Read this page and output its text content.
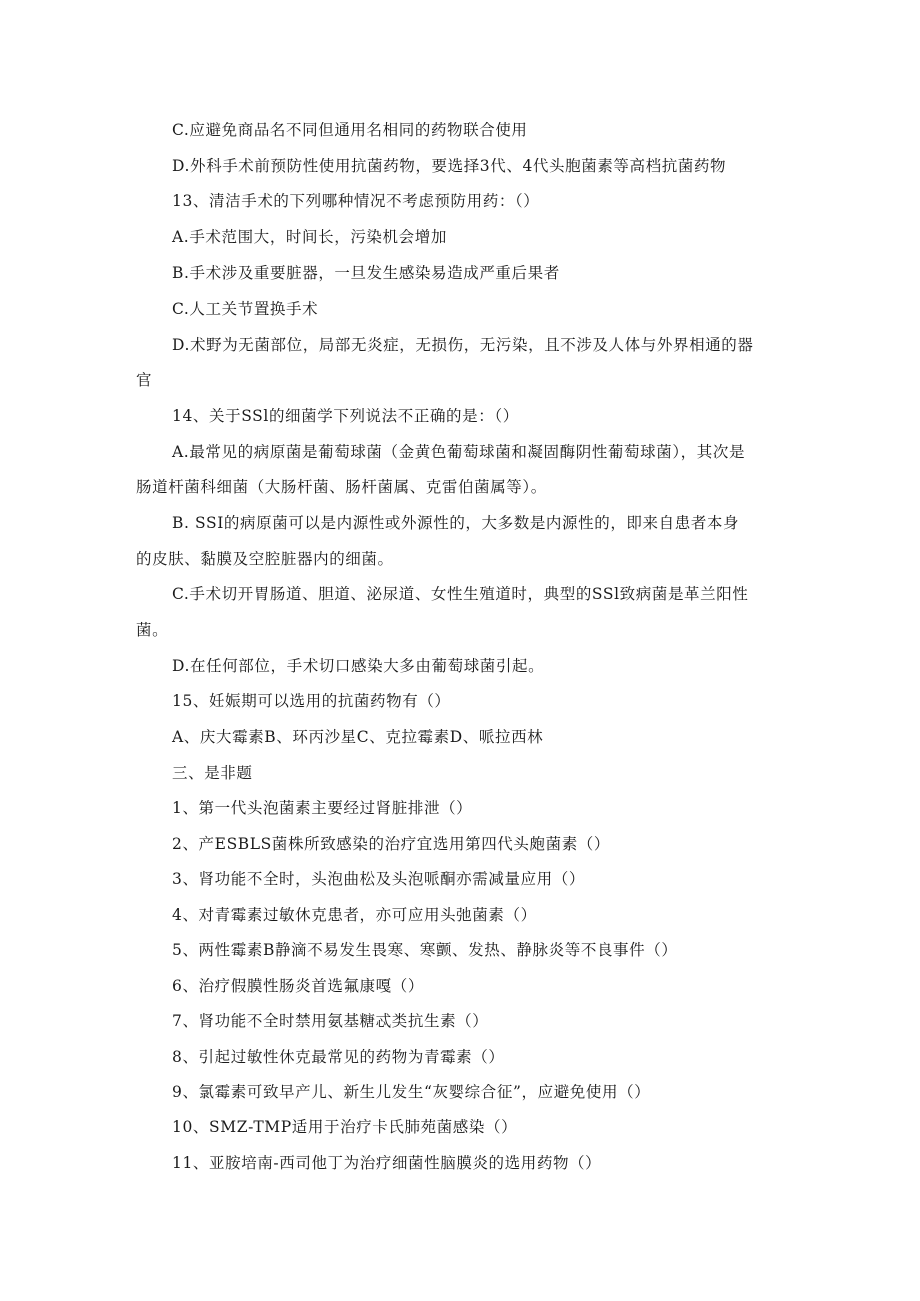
C.应避免商品名不同但通用名相同的药物联合使用
D.外科手术前预防性使用抗菌药物，要选择3代、4代头胞菌素等高档抗菌药物
13、清洁手术的下列哪种情况不考虑预防用药：（）
A.手术范围大，时间长，污染机会增加
B.手术涉及重要脏器，一旦发生感染易造成严重后果者
C.人工关节置换手术
D.术野为无菌部位，局部无炎症，无损伤，无污染，且不涉及人体与外界相通的器
官
14、关于SSl的细菌学下列说法不正确的是：（）
A.最常见的病原菌是葡萄球菌（金黄色葡萄球菌和凝固酶阴性葡萄球菌），其次是
肠道杆菌科细菌（大肠杆菌、肠杆菌属、克雷伯菌属等）。
B. SSI的病原菌可以是内源性或外源性的，大多数是内源性的，即来自患者本身
的皮肤、黏膜及空腔脏器内的细菌。
C.手术切开胃肠道、胆道、泌尿道、女性生殖道时，典型的SSl致病菌是革兰阳性
菌。
D.在任何部位，手术切口感染大多由葡萄球菌引起。
15、妊娠期可以选用的抗菌药物有（）
A、庆大霉素B、环丙沙星C、克拉霉素D、哌拉西林
三、是非题
1、第一代头泡菌素主要经过肾脏排泄（）
2、产ESBLS菌株所致感染的治疗宜选用第四代头皰菌素（）
3、肾功能不全时，头泡曲松及头泡哌酮亦需减量应用（）
4、对青霉素过敏休克患者，亦可应用头弛菌素（）
5、两性霉素B静滴不易发生畏寒、寒颤、发热、静脉炎等不良事件（）
6、治疗假膜性肠炎首选氟康嘎（）
7、肾功能不全时禁用氨基糖忒类抗生素（）
8、引起过敏性休克最常见的药物为青霉素（）
9、氯霉素可致早产儿、新生儿发生“灰婴综合征”，应避免使用（）
10、SMZ-TMP适用于治疗卡氏肺苑菌感染（）
11、亚胺培南-西司他丁为治疗细菌性脑膜炎的选用药物（）
